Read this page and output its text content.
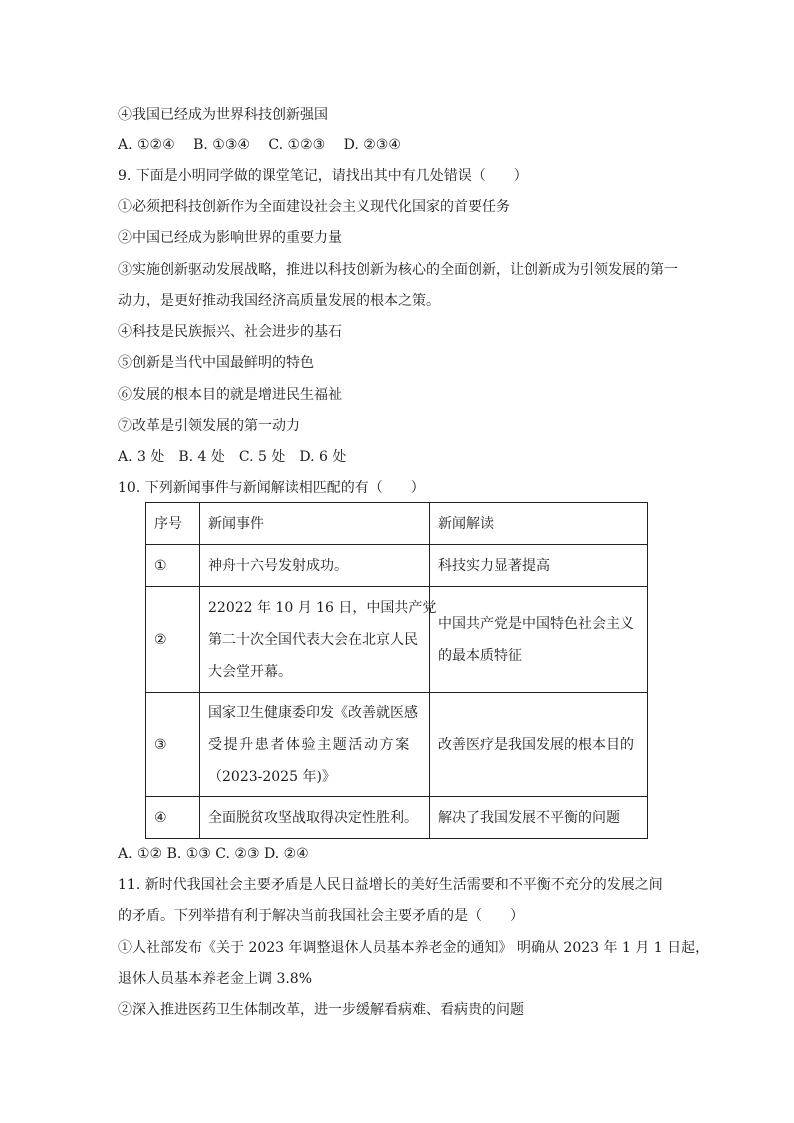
④我国已经成为世界科技创新强国
A. ①②④　 B. ①③④　 C. ①②③　 D. ②③④
9. 下面是小明同学做的课堂笔记，请找出其中有几处错误（　　）
①必须把科技创新作为全面建设社会主义现代化国家的首要任务
②中国已经成为影响世界的重要力量
③实施创新驱动发展战略，推进以科技创新为核心的全面创新，让创新成为引领发展的第一
动力，是更好推动我国经济高质量发展的根本之策。
④科技是民族振兴、社会进步的基石
⑤创新是当代中国最鲜明的特色
⑥发展的根本目的就是增进民生福祉
⑦改革是引领发展的第一动力
A. 3 处　B. 4 处　C. 5 处　D. 6 处
10. 下列新闻事件与新闻解读相匹配的有（　　）
序号	新闻事件	新闻解读
①	神舟十六号发射成功。	科技实力显著提高
②	22022 年 10 月 16 日，中国共产党
第二十次全国代表大会在北京人民
大会堂开幕。	中国共产党是中国特色社会主义
的最本质特征

③	国家卫生健康委印发《改善就医感
受提升患者体验主题活动方案
（2023-2025 年)》	改善医疗是我国发展的根本目的
④	全面脱贫攻坚战取得决定性胜利。	解决了我国发展不平衡的问题
A. ①② B. ①③ C. ②③ D. ②④
11. 新时代我国社会主要矛盾是人民日益增长的美好生活需要和不平衡不充分的发展之间
的矛盾。下列举措有利于解决当前我国社会主要矛盾的是（　　）
①人社部发布《关于 2023 年调整退休人员基本养老金的通知》 明确从 2023 年 1 月 1 日起，
退休人员基本养老金上调 3.8%
②深入推进医药卫生体制改革，进一步缓解看病难、看病贵的问题
